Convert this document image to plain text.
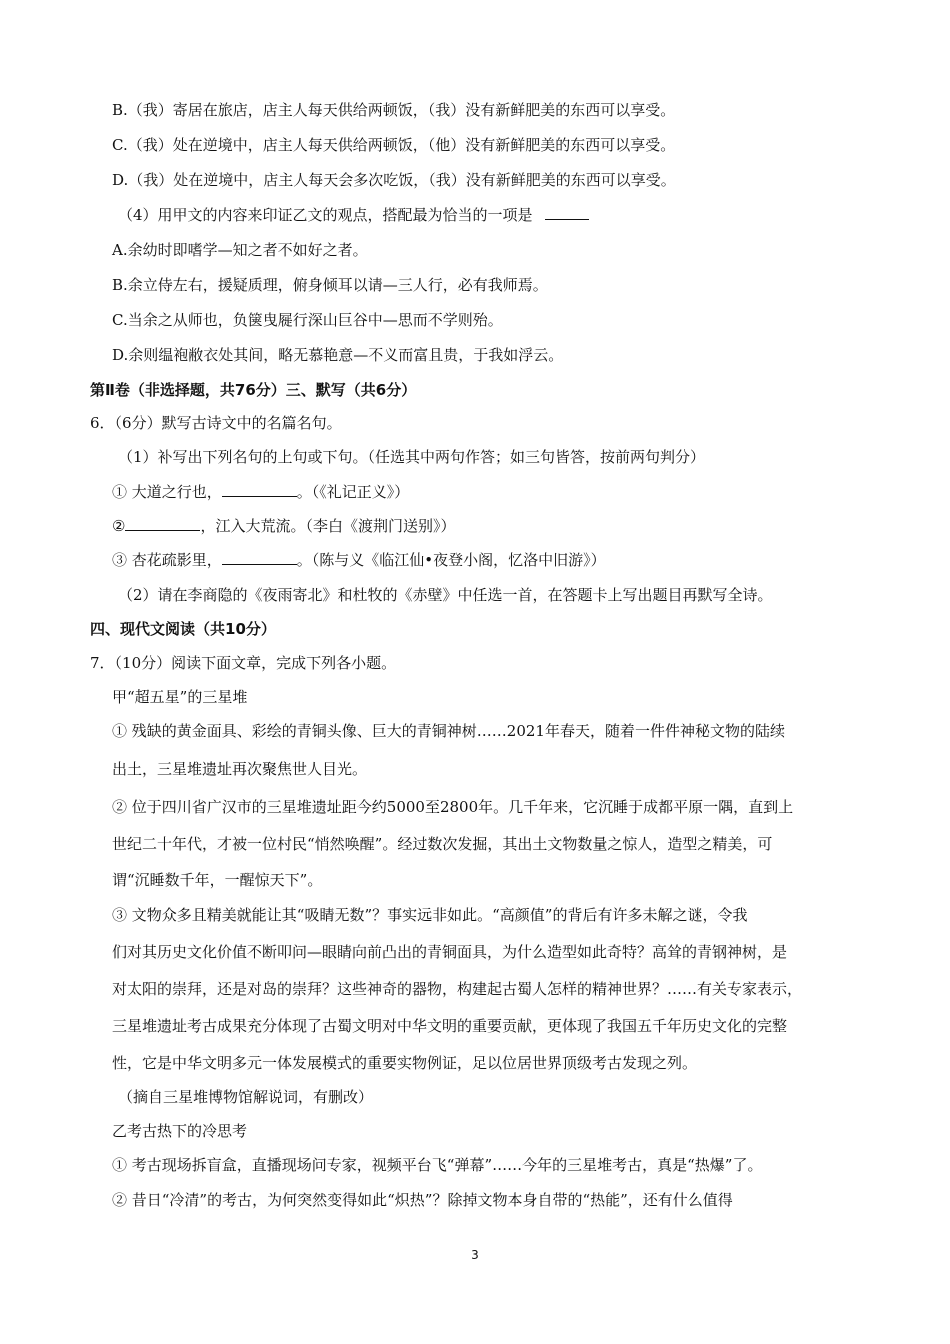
B.（我）寄居在旅店，店主人每天供给两顿饭，（我）没有新鲜肥美的东西可以享受。
C.（我）处在逆境中，店主人每天供给两顿饭，（他）没有新鲜肥美的东西可以享受。
D.（我）处在逆境中，店主人每天会多次吃饭，（我）没有新鲜肥美的东西可以享受。
（4）用甲文的内容来印证乙文的观点，搭配最为恰当的一项是
A.余幼时即嗜学—知之者不如好之者。
B.余立侍左右，援疑质理，俯身倾耳以请—三人行，必有我师焉。
C.当余之从师也，负箧曳屣行深山巨谷中—思而不学则殆。
D.余则缊袍敝衣处其间，略无慕艳意—不义而富且贵，于我如浮云。
第Ⅱ卷（非选择题，共76分）三、默写（共6分）
6．（6分）默写古诗文中的名篇名句。
（1）补写出下列名句的上句或下句。（任选其中两句作答；如三句皆答，按前两句判分）
① 大道之行也，	。（《礼记正义》）
②	，江入大荒流。（李白《渡荆门送别》）
③ 杏花疏影里，	。（陈与义《临江仙•夜登小阁，忆洛中旧游》）
（2）请在李商隐的《夜雨寄北》和杜牧的《赤壁》中任选一首，在答题卡上写出题目再默写全诗。
四、现代文阅读（共10分）
7．（10分）阅读下面文章，完成下列各小题。
甲“超五星”的三星堆
① 残缺的黄金面具、彩绘的青铜头像、巨大的青铜神树……2021年春天，随着一件件神秘文物的陆续
出土，三星堆遗址再次聚焦世人目光。
② 位于四川省广汉市的三星堆遗址距今约5000至2800年。几千年来，它沉睡于成都平原一隅，直到上
世纪二十年代，才被一位村民“悄然唤醒”。经过数次发掘，其出土文物数量之惊人，造型之精美，可
谓“沉睡数千年，一醒惊天下”。
③ 文物众多且精美就能让其“吸睛无数”？事实远非如此。“高颜值”的背后有许多未解之谜，令我
们对其历史文化价值不断叩问—眼睛向前凸出的青铜面具，为什么造型如此奇特？高耸的青钢神树，是
对太阳的崇拜，还是对岛的崇拜？这些神奇的器物，构建起古蜀人怎样的精神世界？……有关专家表示，
三星堆遗址考古成果充分体现了古蜀文明对中华文明的重要贡献，更体现了我国五千年历史文化的完整
性，它是中华文明多元一体发展模式的重要实物例证，足以位居世界顶级考古发现之列。
（摘自三星堆博物馆解说词，有删改）
乙考古热下的冷思考
① 考古现场拆盲盒，直播现场问专家，视频平台飞“弹幕”……今年的三星堆考古，真是“热爆”了。
② 昔日“冷清”的考古，为何突然变得如此“炽热”？除掉文物本身自带的“热能”，还有什么值得
3
